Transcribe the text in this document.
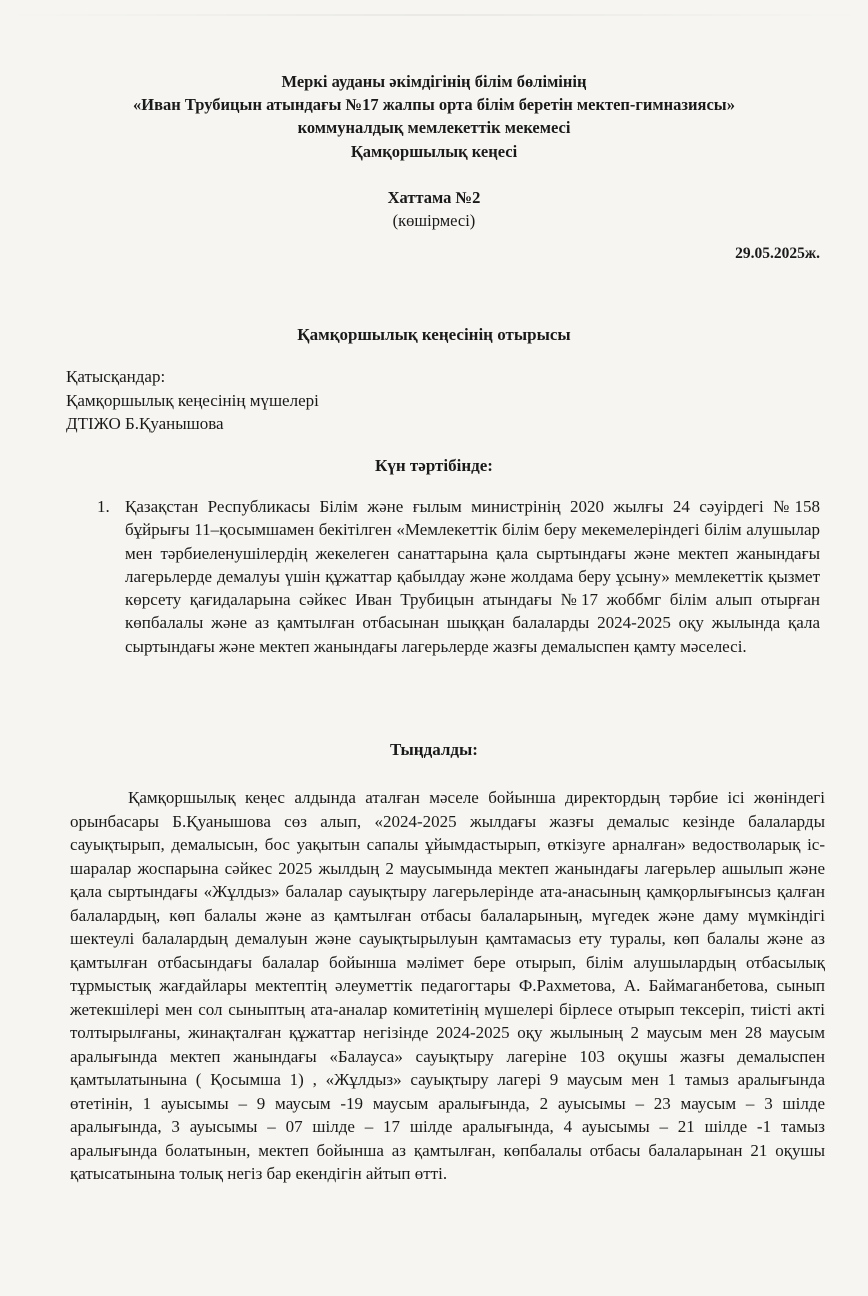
Меркі ауданы әкімдігінің білім бөлімінің
«Иван Трубицын атындағы №17 жалпы орта білім беретін мектеп-гимназиясы»
коммуналдық мемлекеттік мекемесі
Қамқоршылық кеңесі
Хаттама №2
(көшірмесі)
29.05.2025ж.
Қамқоршылық кеңесінің отырысы
Қатысқандар:
Қамқоршылық кеңесінің мүшелері
ДТІЖО Б.Қуанышова
Күн тәртібінде:
1. Қазақстан Республикасы Білім және ғылым министрінің 2020 жылғы 24 сәуірдегі №158 бұйрығы 11–қосымшамен бекітілген «Мемлекеттік білім беру мекемелеріндегі білім алушылар мен тәрбиеленушілердің жекелеген санаттарына қала сыртындағы және мектеп жанындағы лагерьлерде демалуы үшін құжаттар қабылдау және жолдама беру ұсыну» мемлекеттік қызмет көрсету қағидаларына сәйкес Иван Трубицын атындағы №17 жоббмг білім алып отырған көпбалалы және аз қамтылған отбасынан шыққан балаларды 2024-2025 оқу жылында қала сыртындағы және мектеп жанындағы лагерьлерде жазғы демалыспен қамту мәселесі.
Тыңдалды:
Қамқоршылық кеңес алдында аталған мәселе бойынша директордың тәрбие ісі жөніндегі орынбасары Б.Қуанышова сөз алып, «2024-2025 жылдағы жазғы демалыс кезінде балаларды сауықтырып, демалысын, бос уақытын сапалы ұйымдастырып, өткізуге арналған» ведостволарық іс-шаралар жоспарына сәйкес 2025 жылдың 2 маусымында мектеп жанындағы лагерьлер ашылып және қала сыртындағы «Жұлдыз» балалар сауықтыру лагерьлерінде ата-анасының қамқорлығынсыз қалған балалардың, көп балалы және аз қамтылған отбасы балаларының, мүгедек және даму мүмкіндігі шектеулі балалардың демалуын және сауықтырылуын қамтамасыз ету туралы, көп балалы және аз қамтылған отбасындағы балалар бойынша мәлімет бере отырып, білім алушылардың отбасылық тұрмыстық жағдайлары мектептің әлеуметтік педагогтары Ф.Рахметова, А. Баймаганбетова, сынып жетекшілері мен сол сыныптың ата-аналар комитетінің мүшелері бірлесе отырып тексеріп, тиісті акті толтырылғаны, жинақталған құжаттар негізінде 2024-2025 оқу жылының 2 маусым мен 28 маусым аралығында мектеп жанындағы «Балауса» сауықтыру лагеріне 103 оқушы жазғы демалыспен қамтылатынына ( Қосымша 1) , «Жұлдыз» сауықтыру лагері 9 маусым мен 1 тамыз аралығында өтетінін, 1 ауысымы – 9 маусым -19 маусым аралығында, 2 ауысымы – 23 маусым – 3 шілде аралығында, 3 ауысымы – 07 шілде – 17 шілде аралығында, 4 ауысымы – 21 шілде -1 тамыз аралығында болатынын, мектеп бойынша аз қамтылған, көпбалалы отбасы балаларынан 21 оқушы қатысатынына толық негіз бар екендігін айтып өтті.
